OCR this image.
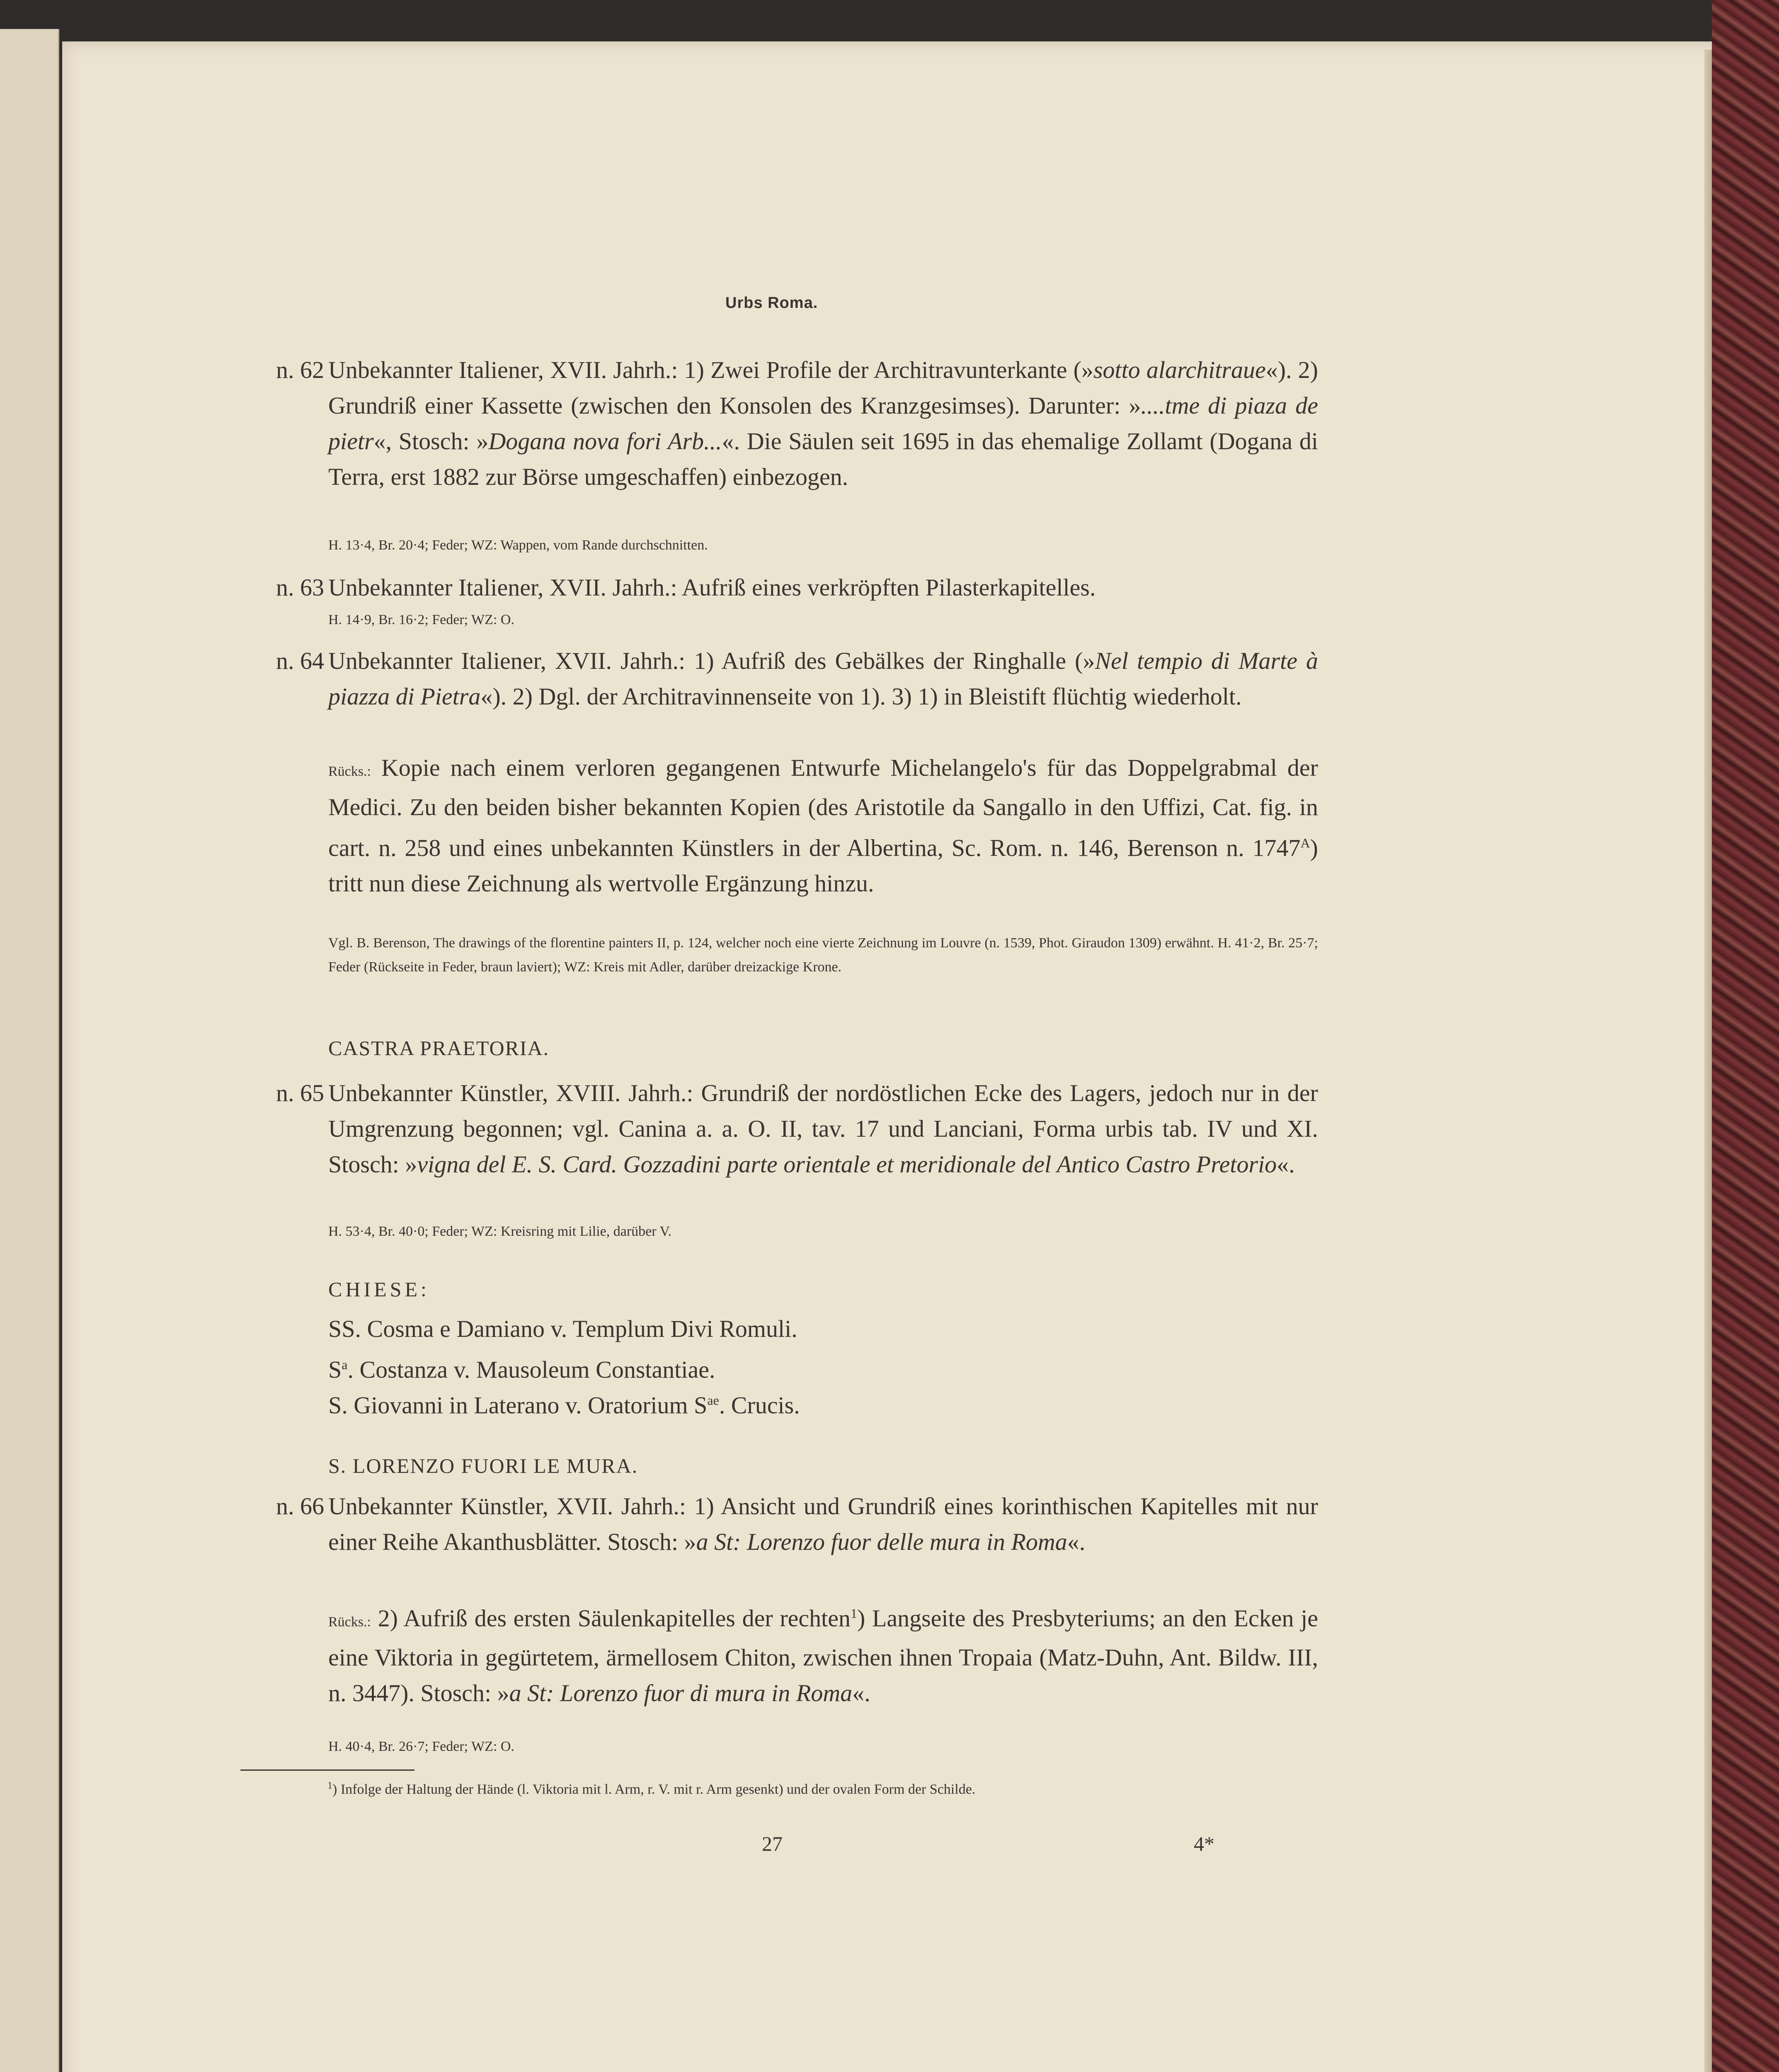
Urbs Roma.
n. 62 Unbekannter Italiener, XVII. Jahrh.: 1) Zwei Profile der Architravunterkante (»sotto alarchitraue«). 2) Grundriß einer Kassette (zwischen den Konsolen des Kranzgesimses). Darunter: »....tme di piaza de pietr«, Stosch: »Dogana nova fori Arb...«. Die Säulen seit 1695 in das ehemalige Zollamt (Dogana di Terra, erst 1882 zur Börse umgeschaffen) einbezogen.
H. 13·4, Br. 20·4; Feder; WZ: Wappen, vom Rande durchschnitten.
n. 63 Unbekannter Italiener, XVII. Jahrh.: Aufriß eines verkröpften Pilasterkapitelles.
H. 14·9, Br. 16·2; Feder; WZ: O.
n. 64 Unbekannter Italiener, XVII. Jahrh.: 1) Aufriß des Gebälkes der Ringhalle (»Nel tempio di Marte à piazza di Pietra«). 2) Dgl. der Architravinnenseite von 1). 3) 1) in Bleistift flüchtig wiederholt.
Rücks.: Kopie nach einem verloren gegangenen Entwurfe Michelangelo's für das Doppelgrabmal der Medici. Zu den beiden bisher bekannten Kopien (des Aristotile da Sangallo in den Uffizi, Cat. fig. in cart. n. 258 und eines unbekannten Künstlers in der Albertina, Sc. Rom. n. 146, Berenson n. $1747^A$) tritt nun diese Zeichnung als wertvolle Ergänzung hinzu.
Vgl. B. Berenson, The drawings of the florentine painters II, p. 124, welcher noch eine vierte Zeichnung im Louvre (n. 1539, Phot. Giraudon 1309) erwähnt. H. 41·2, Br. 25·7; Feder (Rückseite in Feder, braun laviert); WZ: Kreis mit Adler, darüber dreizackige Krone.
CASTRA PRAETORIA.
n. 65 Unbekannter Künstler, XVIII. Jahrh.: Grundriß der nordöstlichen Ecke des Lagers, jedoch nur in der Umgrenzung begonnen; vgl. Canina a. a. O. II, tav. 17 und Lanciani, Forma urbis tab. IV und XI. Stosch: »vigna del E. S. Card. Gozzadini parte orientale et meridionale del Antico Castro Pretorio«.
H. 53·4, Br. 40·0; Feder; WZ: Kreisring mit Lilie, darüber V.
CHIESE:
SS. Cosma e Damiano v. Templum Divi Romuli.
$S^a$. Costanza v. Mausoleum Constantiae.
S. Giovanni in Laterano v. Oratorium $S^{ae}$. Crucis.
S. LORENZO FUORI LE MURA.
n. 66 Unbekannter Künstler, XVII. Jahrh.: 1) Ansicht und Grundriß eines korinthischen Kapitelles mit nur einer Reihe Akanthusblätter. Stosch: »a St: Lorenzo fuor delle mura in Roma«.
Rücks.: 2) Aufriß des ersten Säulenkapitelles der rechten$^1$) Langseite des Presbyteriums; an den Ecken je eine Viktoria in gegürtetem, ärmellosem Chiton, zwischen ihnen Tropaia (Matz-Duhn, Ant. Bildw. III, n. 3447). Stosch: »a St: Lorenzo fuor di mura in Roma«.
H. 40·4, Br. 26·7; Feder; WZ: O.
$^1$) Infolge der Haltung der Hände (l. Viktoria mit l. Arm, r. V. mit r. Arm gesenkt) und der ovalen Form der Schilde.
27	4*
